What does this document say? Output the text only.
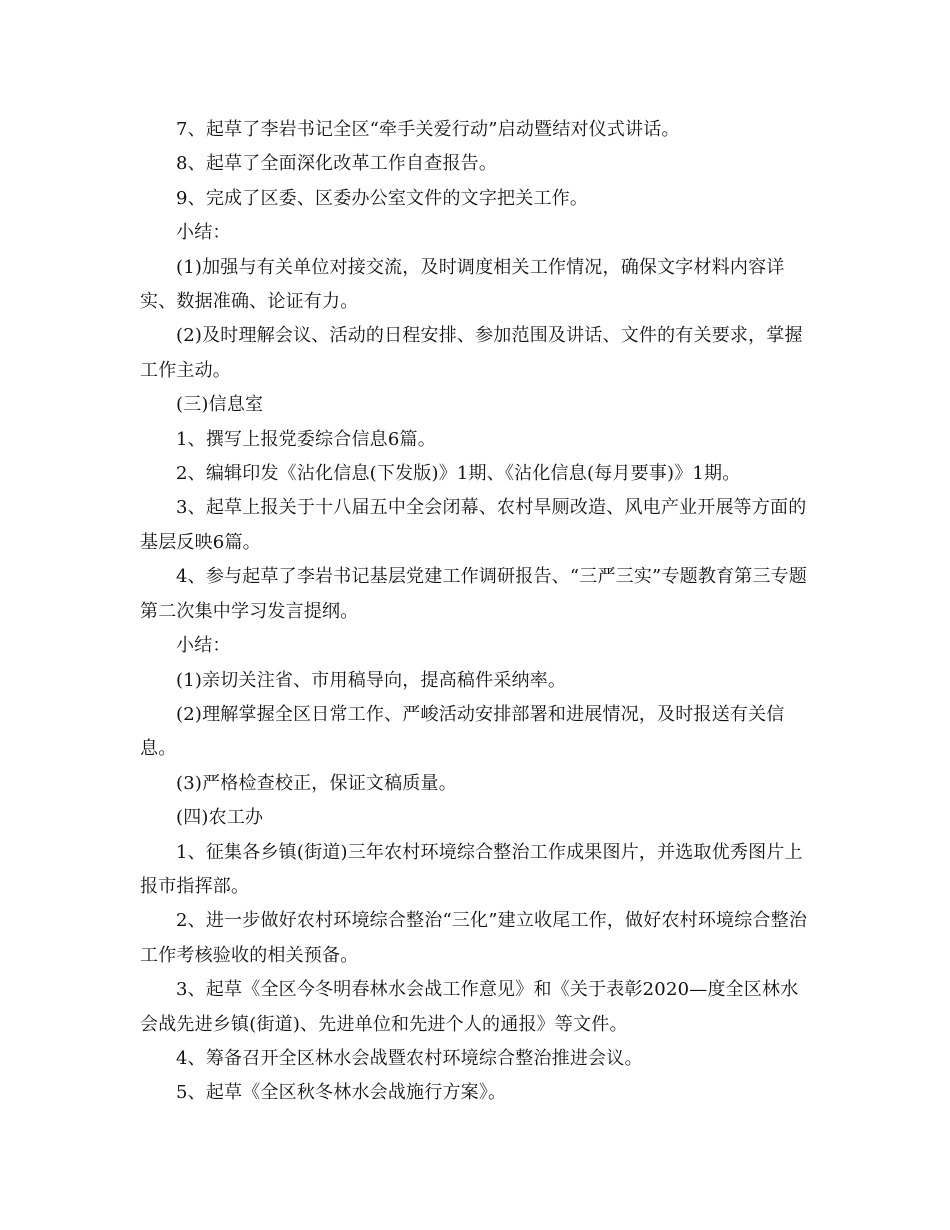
7、起草了李岩书记全区“牵手关爱行动”启动暨结对仪式讲话。

8、起草了全面深化改革工作自查报告。

9、完成了区委、区委办公室文件的文字把关工作。

小结：

(1)加强与有关单位对接交流，及时调度相关工作情况，确保文字材料内容详实、数据准确、论证有力。

(2)及时理解会议、活动的日程安排、参加范围及讲话、文件的有关要求，掌握工作主动。

(三)信息室

1、撰写上报党委综合信息6篇。

2、编辑印发《沾化信息(下发版)》1期、《沾化信息(每月要事)》1期。

3、起草上报关于十八届五中全会闭幕、农村旱厕改造、风电产业开展等方面的基层反映6篇。

4、参与起草了李岩书记基层党建工作调研报告、“三严三实”专题教育第三专题第二次集中学习发言提纲。

小结：

(1)亲切关注省、市用稿导向，提高稿件采纳率。

(2)理解掌握全区日常工作、严峻活动安排部署和进展情况，及时报送有关信息。

(3)严格检查校正，保证文稿质量。

(四)农工办

1、征集各乡镇(街道)三年农村环境综合整治工作成果图片，并选取优秀图片上报市指挥部。

2、进一步做好农村环境综合整治“三化”建立收尾工作，做好农村环境综合整治工作考核验收的相关预备。

3、起草《全区今冬明春林水会战工作意见》和《关于表彰2020—度全区林水会战先进乡镇(街道)、先进单位和先进个人的通报》等文件。

4、筹备召开全区林水会战暨农村环境综合整治推进会议。

5、起草《全区秋冬林水会战施行方案》。
